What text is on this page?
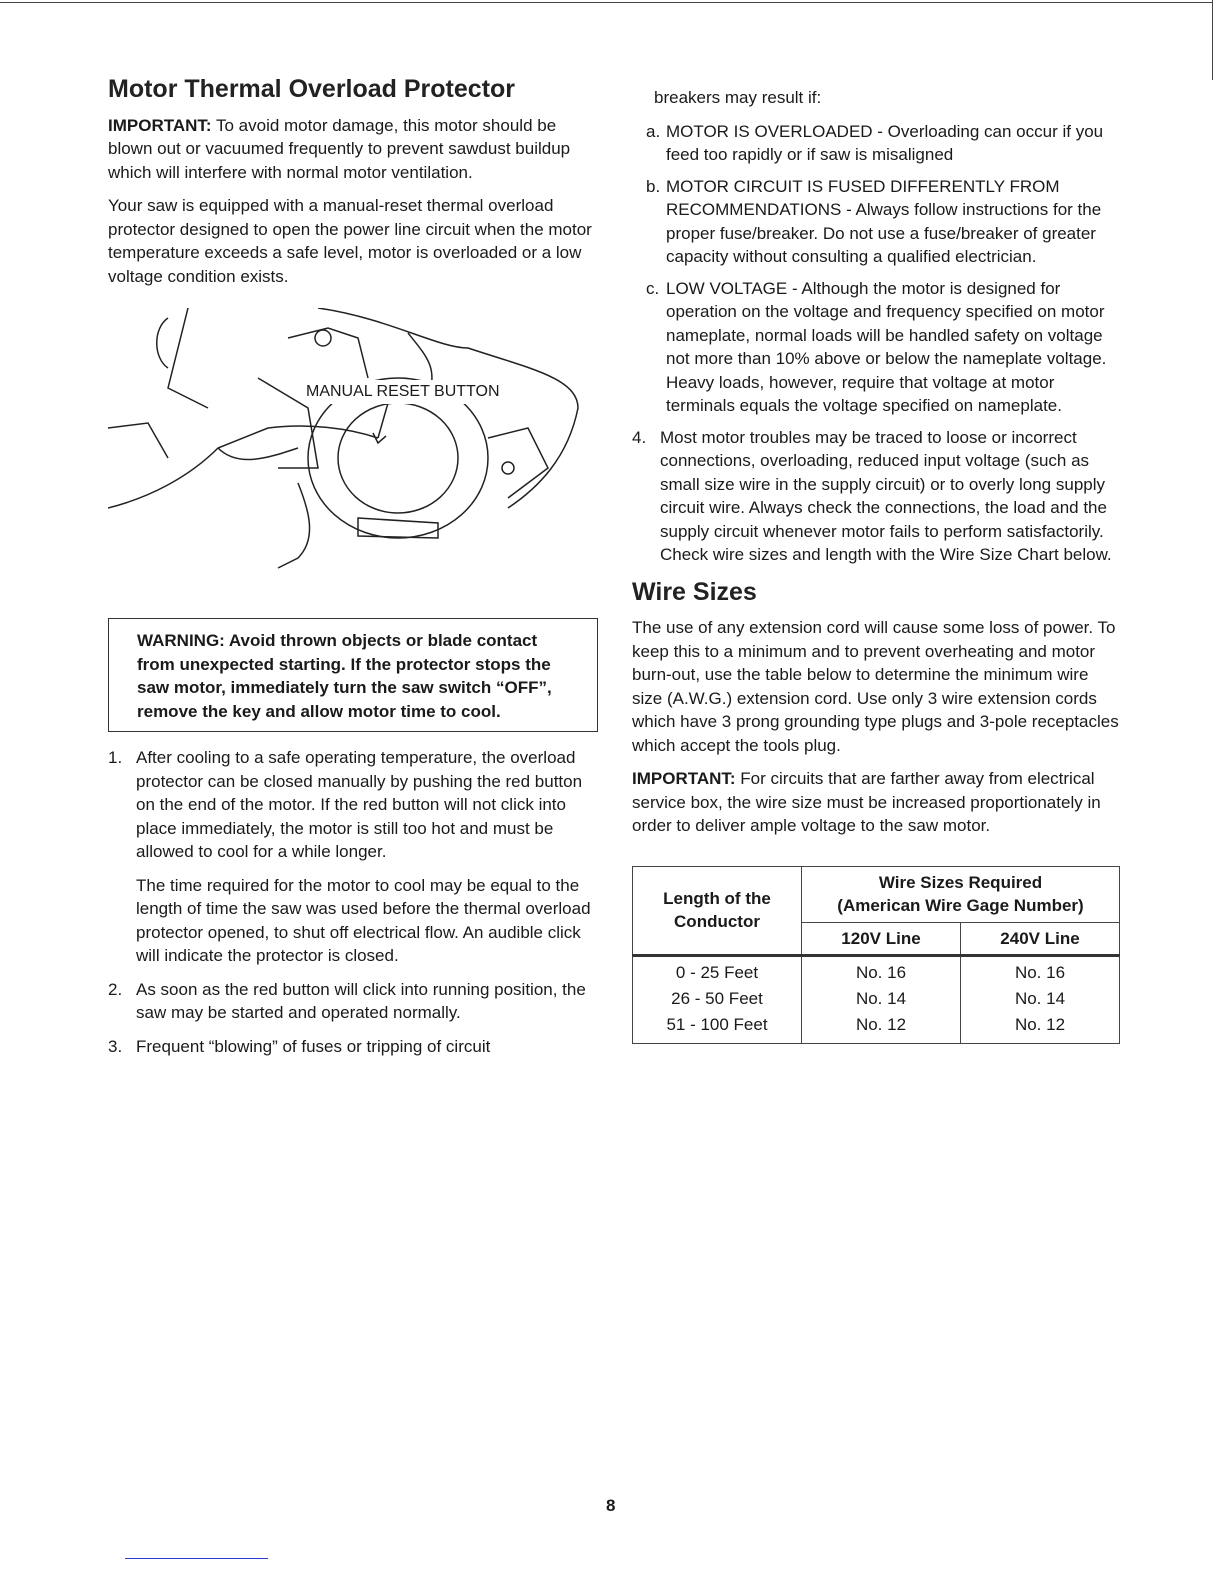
Motor Thermal Overload Protector

IMPORTANT: To avoid motor damage, this motor should be blown out or vacuumed frequently to prevent sawdust buildup which will interfere with normal motor ventilation.

Your saw is equipped with a manual-reset thermal overload protector designed to open the power line circuit when the motor temperature exceeds a safe level, motor is overloaded or a low voltage condition exists.

MANUAL RESET BUTTON
WARNING: Avoid thrown objects or blade contact from unexpected starting. If the protector stops the saw motor, immediately turn the saw switch “OFF”, remove the key and allow motor time to cool.
1. After cooling to a safe operating temperature, the overload protector can be closed manually by pushing the red button on the end of the motor. If the red button will not click into place immediately, the motor is still too hot and must be allowed to cool for a while longer.
The time required for the motor to cool may be equal to the length of time the saw was used before the thermal overload protector opened, to shut off electrical flow. An audible click will indicate the protector is closed.
2. As soon as the red button will click into running position, the saw may be started and operated normally.
3. Frequent “blowing” of fuses or tripping of circuit

breakers may result if:

a. MOTOR IS OVERLOADED - Overloading can occur if you feed too rapidly or if saw is misaligned
b. MOTOR CIRCUIT IS FUSED DIFFERENTLY FROM RECOMMENDATIONS - Always follow instructions for the proper fuse/breaker. Do not use a fuse/breaker of greater capacity without consulting a qualified electrician.
c. LOW VOLTAGE - Although the motor is designed for operation on the voltage and frequency specified on motor nameplate, normal loads will be handled safety on voltage not more than 10% above or below the nameplate voltage. Heavy loads, however, require that voltage at motor terminals equals the voltage specified on nameplate.
4. Most motor troubles may be traced to loose or incorrect connections, overloading, reduced input voltage (such as small size wire in the supply circuit) or to overly long supply circuit wire. Always check the connections, the load and the supply circuit whenever motor fails to perform satisfactorily. Check wire sizes and length with the Wire Size Chart below.
Wire Sizes

The use of any extension cord will cause some loss of power. To keep this to a minimum and to prevent overheating and motor burn-out, use the table below to determine the minimum wire size (A.W.G.) extension cord. Use only 3 wire extension cords which have 3 prong grounding type plugs and 3-pole receptacles which accept the tools plug.

IMPORTANT: For circuits that are farther away from electrical service box, the wire size must be increased proportionately in order to deliver ample voltage to the saw motor.

Length of the Conductor	Wire Sizes Required
(American Wire Gage Number)	

	120V Line	240V Line
0 - 25 Feet	No. 16	No. 16
26 - 50 Feet	No. 14	No. 14
51 - 100 Feet	No. 12	No. 12
8
